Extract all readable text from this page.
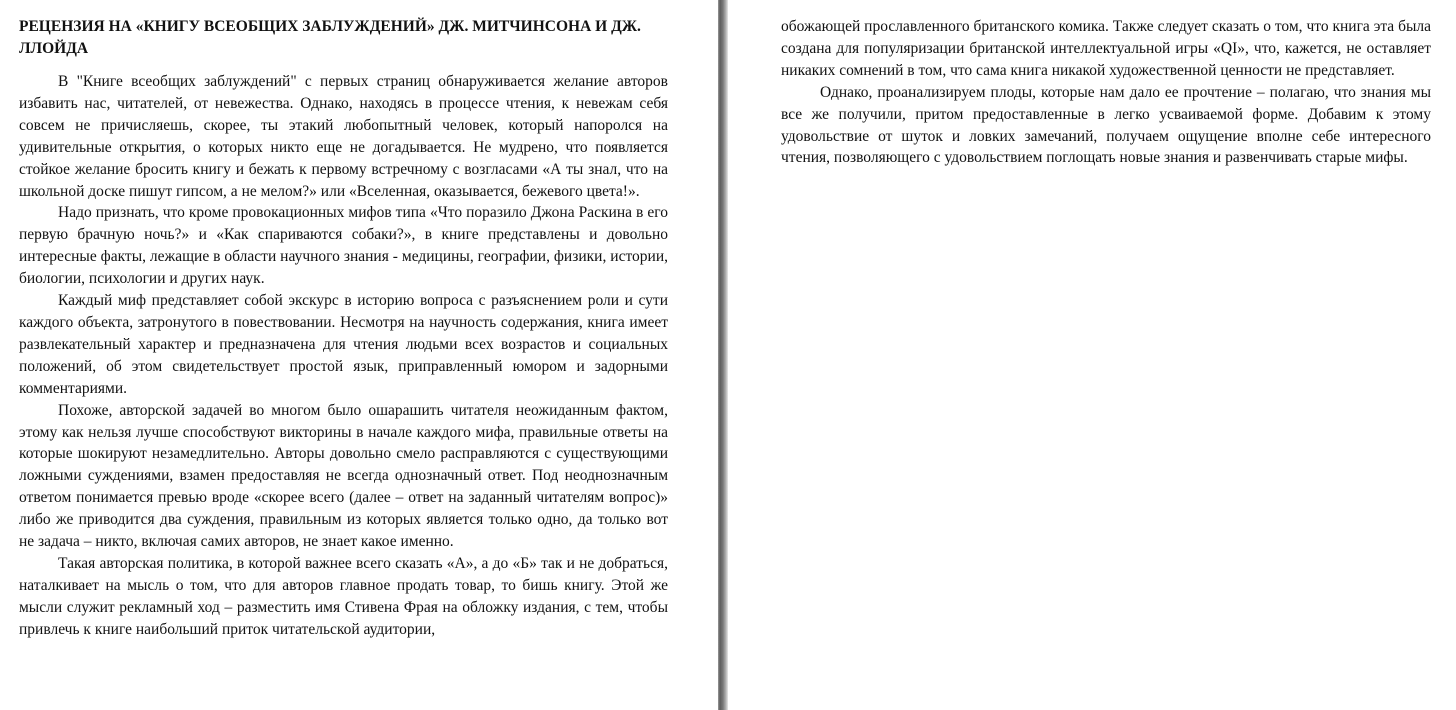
РЕЦЕНЗИЯ НА «КНИГУ ВСЕОБЩИХ ЗАБЛУЖДЕНИЙ» ДЖ. МИТЧИНСОНА И ДЖ. ЛЛОЙДА

В "Книге всеобщих заблуждений" с первых страниц обнаруживается желание авторов избавить нас, читателей, от невежества. Однако, находясь в процессе чтения, к невежам себя совсем не причисляешь, скорее, ты этакий любопытный человек, который напоролся на удивительные открытия, о которых никто еще не догадывается. Не мудрено, что появляется стойкое желание бросить книгу и бежать к первому встречному с возгласами «А ты знал, что на школьной доске пишут гипсом, а не мелом?» или «Вселенная, оказывается, бежевого цвета!».

Надо признать, что кроме провокационных мифов типа «Что поразило Джона Раскина в его первую брачную ночь?» и «Как спариваются собаки?», в книге представлены и довольно интересные факты, лежащие в области научного знания - медицины, географии, физики, истории, биологии, психологии и других наук.

Каждый миф представляет собой экскурс в историю вопроса с разъяснением роли и сути каждого объекта, затронутого в повествовании. Несмотря на научность содержания, книга имеет развлекательный характер и предназначена для чтения людьми всех возрастов и социальных положений, об этом свидетельствует простой язык, приправленный юмором и задорными комментариями.

Похоже, авторской задачей во многом было ошарашить читателя неожиданным фактом, этому как нельзя лучше способствуют викторины в начале каждого мифа, правильные ответы на которые шокируют незамедлительно. Авторы довольно смело расправляются с существующими ложными суждениями, взамен предоставляя не всегда однозначный ответ. Под неоднозначным ответом понимается превью вроде «скорее всего (далее – ответ на заданный читателям вопрос)» либо же приводится два суждения, правильным из которых является только одно, да только вот не задача – никто, включая самих авторов, не знает какое именно.

Такая авторская политика, в которой важнее всего сказать «А», а до «Б» так и не добраться, наталкивает на мысль о том, что для авторов главное продать товар, то бишь книгу. Этой же мысли служит рекламный ход – разместить имя Стивена Фрая на обложку издания, с тем, чтобы привлечь к книге наибольший приток читательской аудитории,

обожающей прославленного британского комика. Также следует сказать о том, что книга эта была создана для популяризации британской интеллектуальной игры «QI», что, кажется, не оставляет никаких сомнений в том, что сама книга никакой художественной ценности не представляет.

Однако, проанализируем плоды, которые нам дало ее прочтение – полагаю, что знания мы все же получили, притом предоставленные в легко усваиваемой форме. Добавим к этому удовольствие от шуток и ловких замечаний, получаем ощущение вполне себе интересного чтения, позволяющего с удовольствием поглощать новые знания и развенчивать старые мифы.
